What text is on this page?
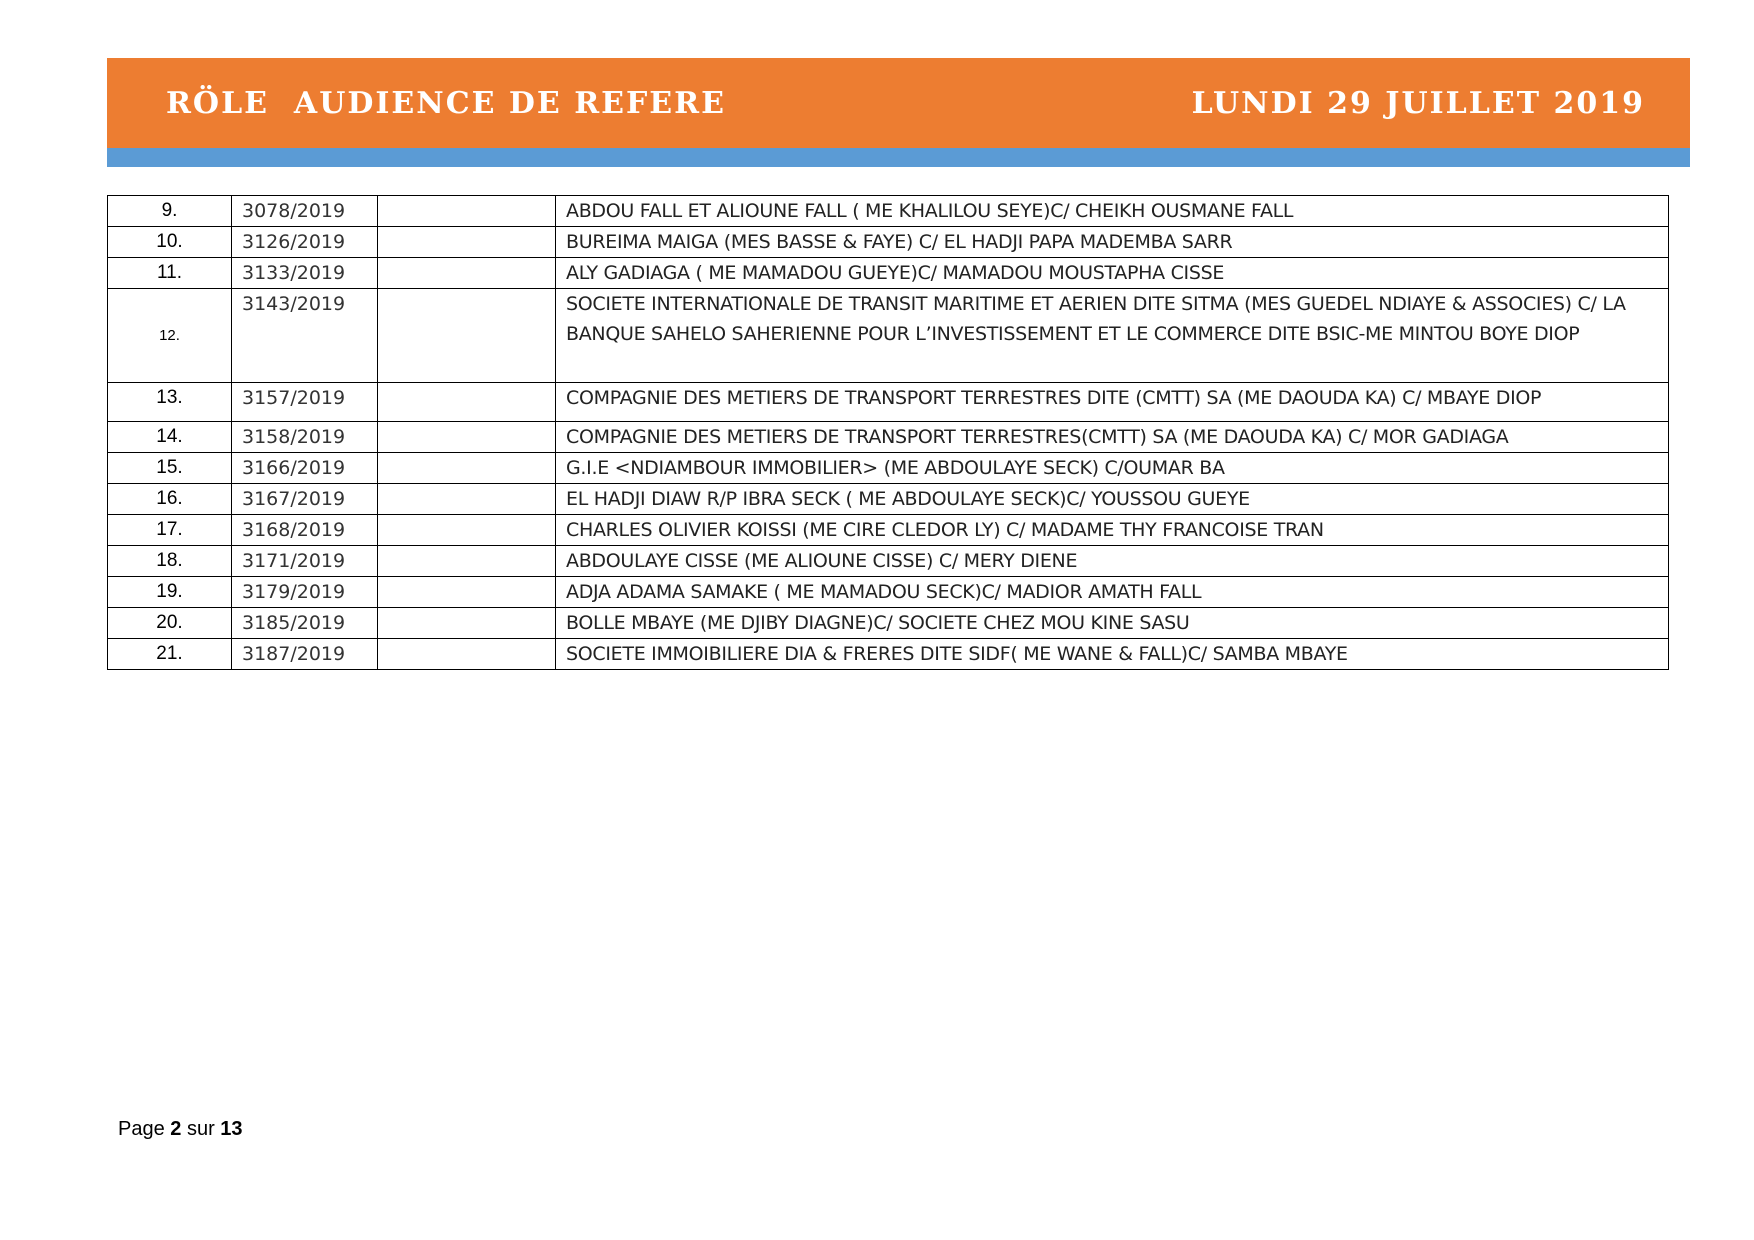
RÖLE  AUDIENCE DE REFERE	LUNDI 29 JUILLET 2019
9.	3078/2019		ABDOU FALL ET ALIOUNE FALL ( ME KHALILOU SEYE)C/ CHEIKH OUSMANE FALL
10.	3126/2019		BUREIMA MAIGA (MES BASSE & FAYE) C/ EL HADJI PAPA MADEMBA SARR
11.	3133/2019		ALY GADIAGA ( ME MAMADOU GUEYE)C/ MAMADOU MOUSTAPHA CISSE
12.	3143/2019		SOCIETE INTERNATIONALE DE TRANSIT MARITIME ET AERIEN DITE SITMA (MES GUEDEL NDIAYE & ASSOCIES) C/ LA BANQUE SAHELO SAHERIENNE POUR L’INVESTISSEMENT ET LE COMMERCE DITE BSIC-ME MINTOU BOYE DIOP
13.	3157/2019		COMPAGNIE DES METIERS DE TRANSPORT TERRESTRES DITE (CMTT) SA (ME DAOUDA KA) C/ MBAYE DIOP
14.	3158/2019		COMPAGNIE DES METIERS DE TRANSPORT TERRESTRES(CMTT) SA (ME DAOUDA KA) C/ MOR GADIAGA
15.	3166/2019		G.I.E <NDIAMBOUR IMMOBILIER> (ME ABDOULAYE SECK) C/OUMAR BA
16.	3167/2019		EL HADJI DIAW R/P IBRA SECK ( ME ABDOULAYE SECK)C/ YOUSSOU GUEYE
17.	3168/2019		CHARLES OLIVIER KOISSI (ME CIRE CLEDOR LY) C/ MADAME THY FRANCOISE TRAN
18.	3171/2019		ABDOULAYE CISSE (ME ALIOUNE CISSE) C/ MERY DIENE
19.	3179/2019		ADJA ADAMA SAMAKE ( ME MAMADOU SECK)C/ MADIOR AMATH FALL
20.	3185/2019		BOLLE MBAYE (ME DJIBY DIAGNE)C/ SOCIETE CHEZ MOU KINE SASU
21.	3187/2019		SOCIETE IMMOIBILIERE DIA & FRERES DITE SIDF( ME WANE & FALL)C/ SAMBA MBAYE
Page 2 sur 13
